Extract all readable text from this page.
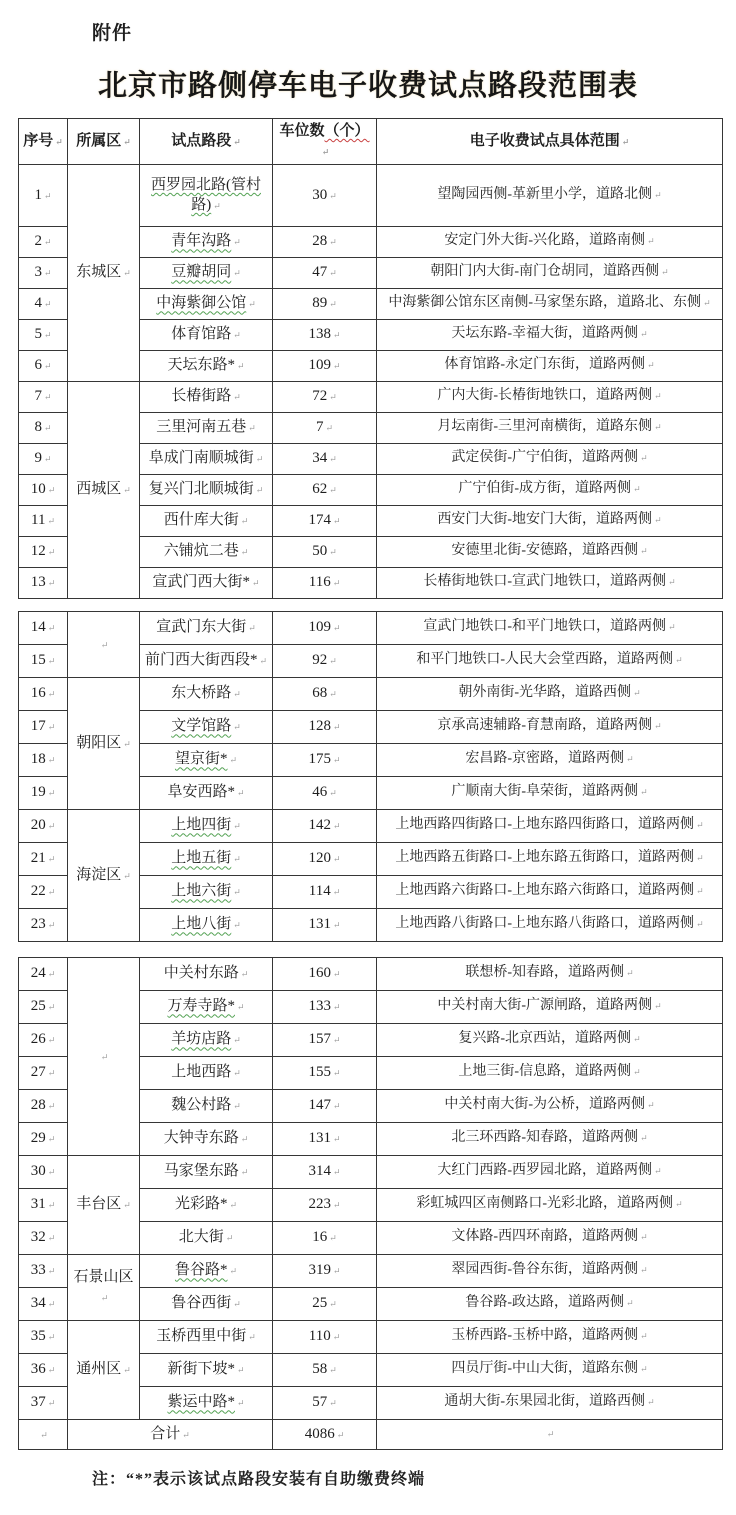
附件
北京市路侧停车电子收费试点路段范围表
序号 ↵	所属区 ↵	试点路段 ↵	车位数（个） ↵	电子收费试点具体范围 ↵
1 ↵	东城区 ↵	西罗园北路(管村路) ↵	30 ↵	望陶园西侧-革新里小学，道路北侧 ↵
2 ↵		青年沟路 ↵	28 ↵	安定门外大街-兴化路，道路南侧 ↵
3 ↵		豆瓣胡同 ↵	47 ↵	朝阳门内大街-南门仓胡同，道路西侧 ↵
4 ↵		中海紫御公馆 ↵	89 ↵	中海紫御公馆东区南侧-马家堡东路，道路北、东侧 ↵
5 ↵		体育馆路 ↵	138 ↵	天坛东路-幸福大街，道路两侧 ↵
6 ↵		天坛东路* ↵	109 ↵	体育馆路-永定门东街，道路两侧 ↵
7 ↵	西城区 ↵	长椿街路 ↵	72 ↵	广内大街-长椿街地铁口，道路两侧 ↵
8 ↵		三里河南五巷 ↵	7 ↵	月坛南街-三里河南横街，道路东侧 ↵
9 ↵		阜成门南顺城街 ↵	34 ↵	武定侯街-广宁伯街，道路两侧 ↵
10 ↵		复兴门北顺城街 ↵	62 ↵	广宁伯街-成方街，道路两侧 ↵
11 ↵		西什库大街 ↵	174 ↵	西安门大街-地安门大街，道路两侧 ↵
12 ↵		六铺炕二巷 ↵	50 ↵	安德里北街-安德路，道路西侧 ↵
13 ↵		宣武门西大街* ↵	116 ↵	长椿街地铁口-宣武门地铁口，道路两侧 ↵
14 ↵	↵	宣武门东大街 ↵	109 ↵	宣武门地铁口-和平门地铁口，道路两侧 ↵
15 ↵		前门西大街西段* ↵	92 ↵	和平门地铁口-人民大会堂西路，道路两侧 ↵
16 ↵	朝阳区 ↵	东大桥路 ↵	68 ↵	朝外南街-光华路，道路西侧 ↵
17 ↵		文学馆路 ↵	128 ↵	京承高速辅路-育慧南路，道路两侧 ↵
18 ↵		望京街* ↵	175 ↵	宏昌路-京密路，道路两侧 ↵
19 ↵		阜安西路* ↵	46 ↵	广顺南大街-阜荣街，道路两侧 ↵
20 ↵	海淀区 ↵	上地四街 ↵	142 ↵	上地西路四街路口-上地东路四街路口，道路两侧 ↵
21 ↵		上地五街 ↵	120 ↵	上地西路五街路口-上地东路五街路口，道路两侧 ↵
22 ↵		上地六街 ↵	114 ↵	上地西路六街路口-上地东路六街路口，道路两侧 ↵
23 ↵		上地八街 ↵	131 ↵	上地西路八街路口-上地东路八街路口，道路两侧 ↵
24 ↵	↵	中关村东路 ↵	160 ↵	联想桥-知春路，道路两侧 ↵
25 ↵		万寿寺路* ↵	133 ↵	中关村南大街-广源闸路，道路两侧 ↵
26 ↵		羊坊店路 ↵	157 ↵	复兴路-北京西站，道路两侧 ↵
27 ↵		上地西路 ↵	155 ↵	上地三街-信息路，道路两侧 ↵
28 ↵		魏公村路 ↵	147 ↵	中关村南大街-为公桥，道路两侧 ↵
29 ↵		大钟寺东路 ↵	131 ↵	北三环西路-知春路，道路两侧 ↵
30 ↵	丰台区 ↵	马家堡东路 ↵	314 ↵	大红门西路-西罗园北路，道路两侧 ↵
31 ↵		光彩路* ↵	223 ↵	彩虹城四区南侧路口-光彩北路，道路两侧 ↵
32 ↵		北大街 ↵	16 ↵	文体路-西四环南路，道路两侧 ↵
33 ↵	石景山区 ↵	鲁谷路* ↵	319 ↵	翠园西街-鲁谷东街，道路两侧 ↵
34 ↵		鲁谷西街 ↵	25 ↵	鲁谷路-政达路，道路两侧 ↵
35 ↵	通州区 ↵	玉桥西里中街 ↵	110 ↵	玉桥西路-玉桥中路，道路两侧 ↵
36 ↵		新街下坡* ↵	58 ↵	四员厅街-中山大街，道路东侧 ↵
37 ↵		紫运中路* ↵	57 ↵	通胡大街-东果园北街，道路西侧 ↵
↵	合计 ↵		4086 ↵	↵
注：“*”表示该试点路段安装有自助缴费终端
